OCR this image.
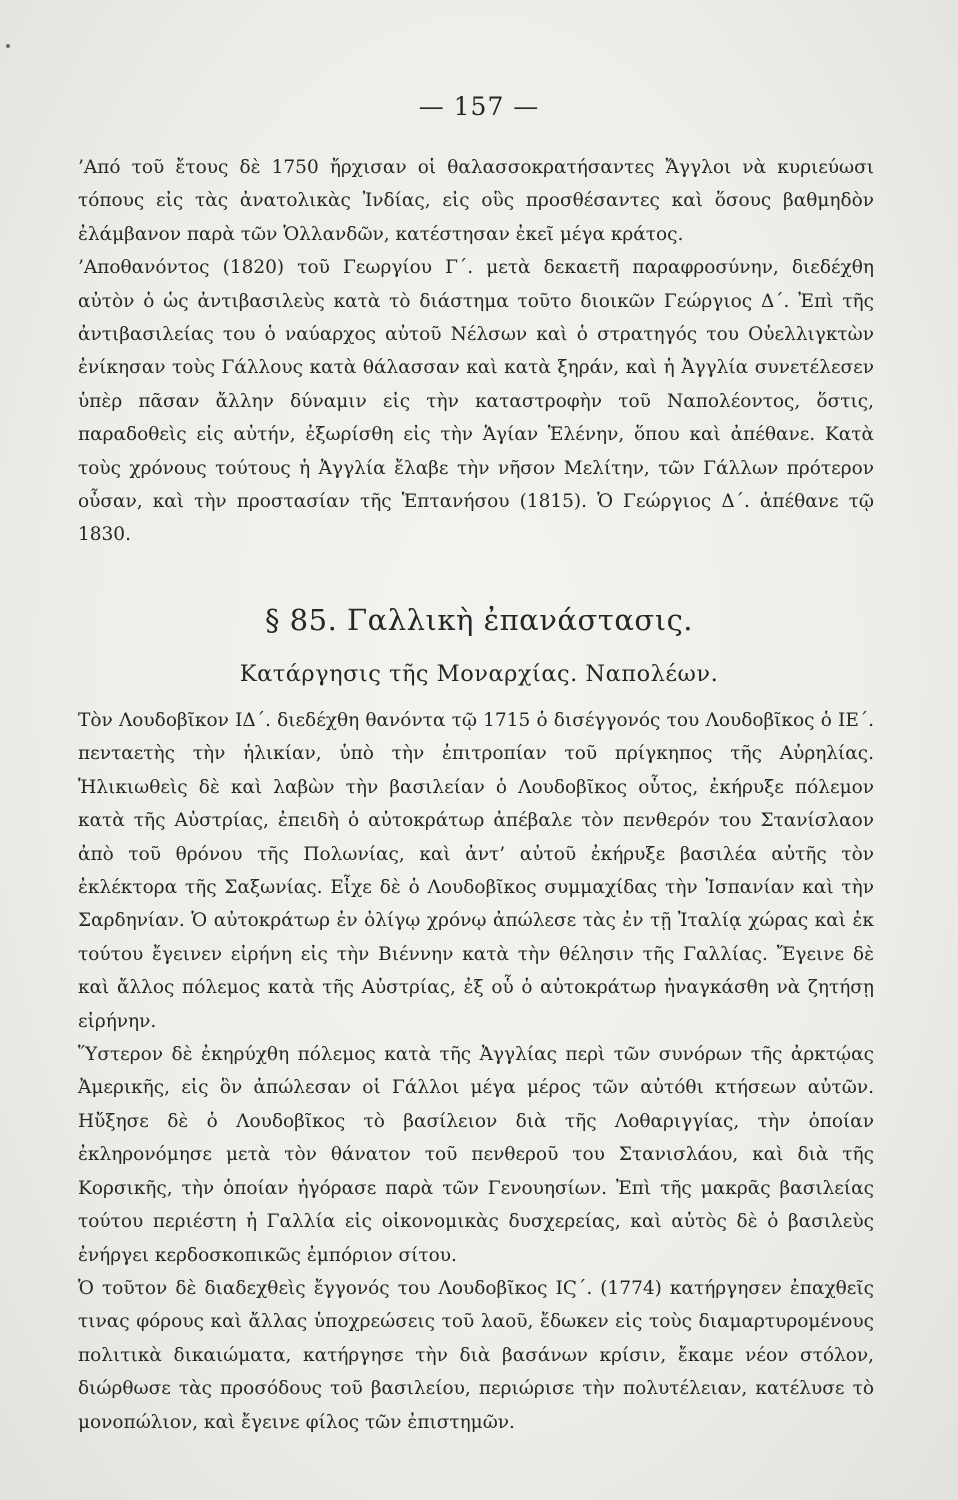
— 157 —

’Από τοῦ ἔτους δὲ 1750 ἤρχισαν οἱ θαλασσοκρατήσαντες Ἄγγλοι νὰ κυριεύωσι τόπους εἰς τὰς ἀνατολικὰς Ἰνδίας, εἰς οὓς προσθέσαντες καὶ ὅσους βαθμηδὸν ἐλάμβανον παρὰ τῶν Ὁλλανδῶν, κατέστησαν ἐκεῖ μέγα κράτος.

’Αποθανόντος (1820) τοῦ Γεωργίου Γ΄. μετὰ δεκαετῆ παραφροσύνην, διεδέχθη αὐτὸν ὁ ὡς ἀντιβασιλεὺς κατὰ τὸ διάστημα τοῦτο διοικῶν Γεώργιος Δ΄. Ἐπὶ τῆς ἀντιβασιλείας του ὁ ναύαρχος αὐτοῦ Νέλσων καὶ ὁ στρατηγός του Οὐελλιγκτὼν ἐνίκησαν τοὺς Γάλλους κατὰ θάλασσαν καὶ κατὰ ξηράν, καὶ ἡ Ἀγγλία συνετέλεσεν ὑπὲρ πᾶσαν ἄλλην δύναμιν εἰς τὴν καταστροφὴν τοῦ Ναπολέοντος, ὅστις, παραδοθεὶς εἰς αὐτήν, ἐξωρίσθη εἰς τὴν Ἁγίαν Ἑλένην, ὅπου καὶ ἀπέθανε. Κατὰ τοὺς χρόνους τούτους ἡ Ἀγγλία ἔλαβε τὴν νῆσον Μελίτην, τῶν Γάλλων πρότερον οὖσαν, καὶ τὴν προστασίαν τῆς Ἑπτανήσου (1815). Ὁ Γεώργιος Δ΄. ἀπέθανε τῷ 1830.

§ 85. Γαλλικὴ ἐπανάστασις.
Κατάργησις τῆς Μοναρχίας. Ναπολέων.

Τὸν Λουδοβῖκον ΙΔ΄. διεδέχθη θανόντα τῷ 1715 ὁ δισέγγονός του Λουδοβῖκος ὁ ΙΕ΄. πενταετὴς τὴν ἡλικίαν, ὑπὸ τὴν ἐπιτροπίαν τοῦ πρίγκηπος τῆς Αὐρηλίας. Ἡλικιωθεὶς δὲ καὶ λαβὼν τὴν βασιλείαν ὁ Λουδοβῖκος οὗτος, ἐκήρυξε πόλεμον κατὰ τῆς Αὐστρίας, ἐπειδὴ ὁ αὐτοκράτωρ ἀπέβαλε τὸν πενθερόν του Στανίσλαον ἀπὸ τοῦ θρόνου τῆς Πολωνίας, καὶ ἀντ’ αὐτοῦ ἐκήρυξε βασιλέα αὐτῆς τὸν ἐκλέκτορα τῆς Σαξωνίας. Εἶχε δὲ ὁ Λουδοβῖκος συμμαχίδας τὴν Ἱσπανίαν καὶ τὴν Σαρδηνίαν. Ὁ αὐτοκράτωρ ἐν ὀλίγῳ χρόνῳ ἀπώλεσε τὰς ἐν τῇ Ἰταλίᾳ χώρας καὶ ἐκ τούτου ἔγεινεν εἰρήνη εἰς τὴν Βιέννην κατὰ τὴν θέλησιν τῆς Γαλλίας. Ἔγεινε δὲ καὶ ἄλλος πόλεμος κατὰ τῆς Αὐστρίας, ἐξ οὗ ὁ αὐτοκράτωρ ἠναγκάσθη νὰ ζητήσῃ εἰρήνην.

Ὕστερον δὲ ἐκηρύχθη πόλεμος κατὰ τῆς Ἀγγλίας περὶ τῶν συνόρων τῆς ἀρκτῴας Ἀμερικῆς, εἰς ὃν ἀπώλεσαν οἱ Γάλλοι μέγα μέρος τῶν αὐτόθι κτήσεων αὐτῶν. Ηὔξησε δὲ ὁ Λουδοβῖκος τὸ βασίλειον διὰ τῆς Λοθαριγγίας, τὴν ὁποίαν ἐκληρονόμησε μετὰ τὸν θάνατον τοῦ πενθεροῦ του Στανισλάου, καὶ διὰ τῆς Κορσικῆς, τὴν ὁποίαν ἠγόρασε παρὰ τῶν Γενουησίων. Ἐπὶ τῆς μακρᾶς βασιλείας τούτου περιέστη ἡ Γαλλία εἰς οἰκονομικὰς δυσχερείας, καὶ αὐτὸς δὲ ὁ βασιλεὺς ἐνήργει κερδοσκοπικῶς ἐμπόριον σίτου.

Ὁ τοῦτον δὲ διαδεχθεὶς ἔγγονός του Λουδοβῖκος ΙϚ΄. (1774) κατήργησεν ἐπαχθεῖς τινας φόρους καὶ ἄλλας ὑποχρεώσεις τοῦ λαοῦ, ἔδωκεν εἰς τοὺς διαμαρτυρομένους πολιτικὰ δικαιώματα, κατήργησε τὴν διὰ βασάνων κρίσιν, ἔκαμε νέον στόλον, διώρθωσε τὰς προσόδους τοῦ βασιλείου, περιώρισε τὴν πολυτέλειαν, κατέλυσε τὸ μονοπώλιον, καὶ ἔγεινε φίλος τῶν ἐπιστημῶν.
